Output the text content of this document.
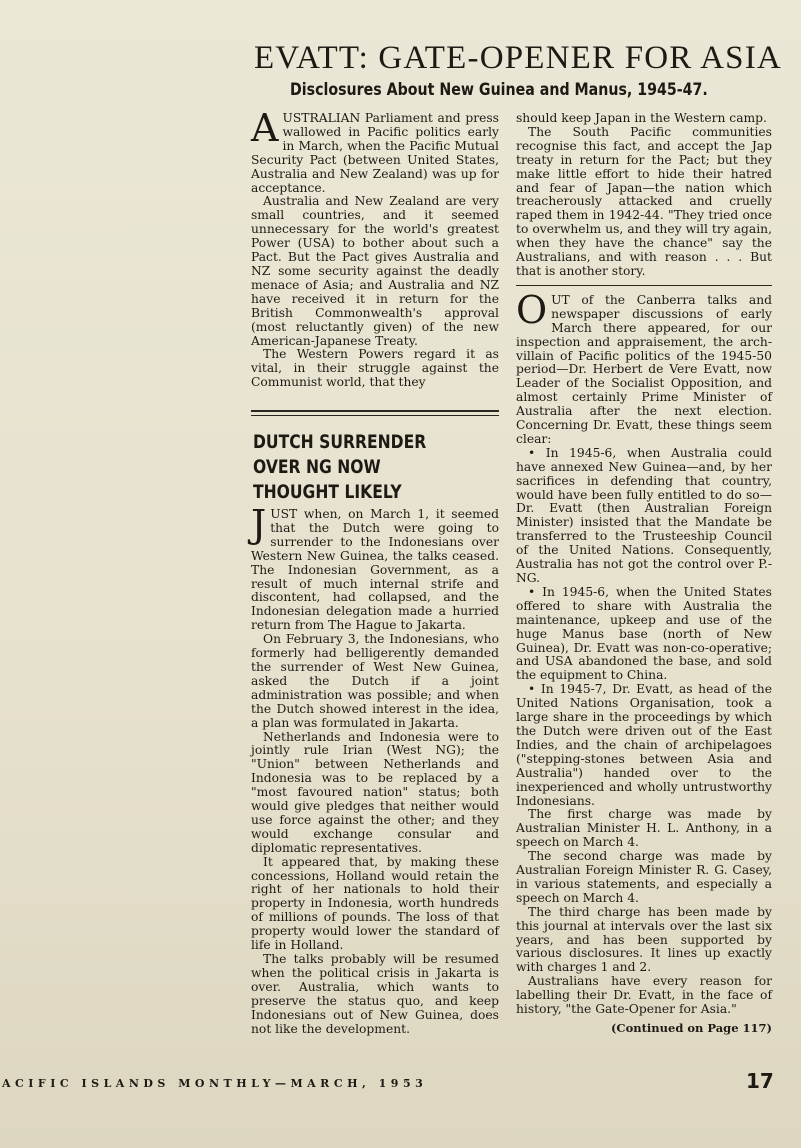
EVATT: GATE-OPENER FOR ASIA
Disclosures About New Guinea and Manus, 1945-47.

AUSTRALIAN Parliament and press wallowed in Pacific politics early in March, when the Pacific Mutual Security Pact (between United States, Australia and New Zealand) was up for acceptance.

Australia and New Zealand are very small countries, and it seemed unnecessary for the world's greatest Power (USA) to bother about such a Pact. But the Pact gives Australia and NZ some security against the deadly menace of Asia; and Australia and NZ have received it in return for the British Commonwealth's approval (most reluctantly given) of the new American-Japanese Treaty.

The Western Powers regard it as vital, in their struggle against the Communist world, that they

DUTCH SURRENDER
OVER NG NOW
THOUGHT LIKELY

JUST when, on March 1, it seemed that the Dutch were going to surrender to the Indonesians over Western New Guinea, the talks ceased. The Indonesian Government, as a result of much internal strife and discontent, had collapsed, and the Indonesian delegation made a hurried return from The Hague to Jakarta.

On February 3, the Indonesians, who formerly had belligerently demanded the surrender of West New Guinea, asked the Dutch if a joint administration was possible; and when the Dutch showed interest in the idea, a plan was formulated in Jakarta.

Netherlands and Indonesia were to jointly rule Irian (West NG); the "Union" between Netherlands and Indonesia was to be replaced by a "most favoured nation" status; both would give pledges that neither would use force against the other; and they would exchange consular and diplomatic representatives.

It appeared that, by making these concessions, Holland would retain the right of her nationals to hold their property in Indonesia, worth hundreds of millions of pounds. The loss of that property would lower the standard of life in Holland.

The talks probably will be resumed when the political crisis in Jakarta is over. Australia, which wants to preserve the status quo, and keep Indonesians out of New Guinea, does not like the development.

should keep Japan in the Western camp.

The South Pacific communities recognise this fact, and accept the Jap treaty in return for the Pact; but they make little effort to hide their hatred and fear of Japan—the nation which treacherously attacked and cruelly raped them in 1942-44. "They tried once to overwhelm us, and they will try again, when they have the chance" say the Australians, and with reason . . . But that is another story.

OUT of the Canberra talks and newspaper discussions of early March there appeared, for our inspection and appraisement, the arch-villain of Pacific politics of the 1945-50 period—Dr. Herbert de Vere Evatt, now Leader of the Socialist Opposition, and almost certainly Prime Minister of Australia after the next election. Concerning Dr. Evatt, these things seem clear:

• In 1945-6, when Australia could have annexed New Guinea—and, by her sacrifices in defending that country, would have been fully entitled to do so—Dr. Evatt (then Australian Foreign Minister) insisted that the Mandate be transferred to the Trusteeship Council of the United Nations. Consequently, Australia has not got the control over P.-NG.

• In 1945-6, when the United States offered to share with Australia the maintenance, upkeep and use of the huge Manus base (north of New Guinea), Dr. Evatt was non-co-operative; and USA abandoned the base, and sold the equipment to China.

• In 1945-7, Dr. Evatt, as head of the United Nations Organisation, took a large share in the proceedings by which the Dutch were driven out of the East Indies, and the chain of archipelagoes ("stepping-stones between Asia and Australia") handed over to the inexperienced and wholly untrustworthy Indonesians.

The first charge was made by Australian Minister H. L. Anthony, in a speech on March 4.

The second charge was made by Australian Foreign Minister R. G. Casey, in various statements, and especially a speech on March 4.

The third charge has been made by this journal at intervals over the last six years, and has been supported by various disclosures. It lines up exactly with charges 1 and 2.

Australians have every reason for labelling their Dr. Evatt, in the face of history, "the Gate-Opener for Asia."

(Continued on Page 117)
ACIFIC ISLANDS MONTHLY—MARCH, 1953	17
